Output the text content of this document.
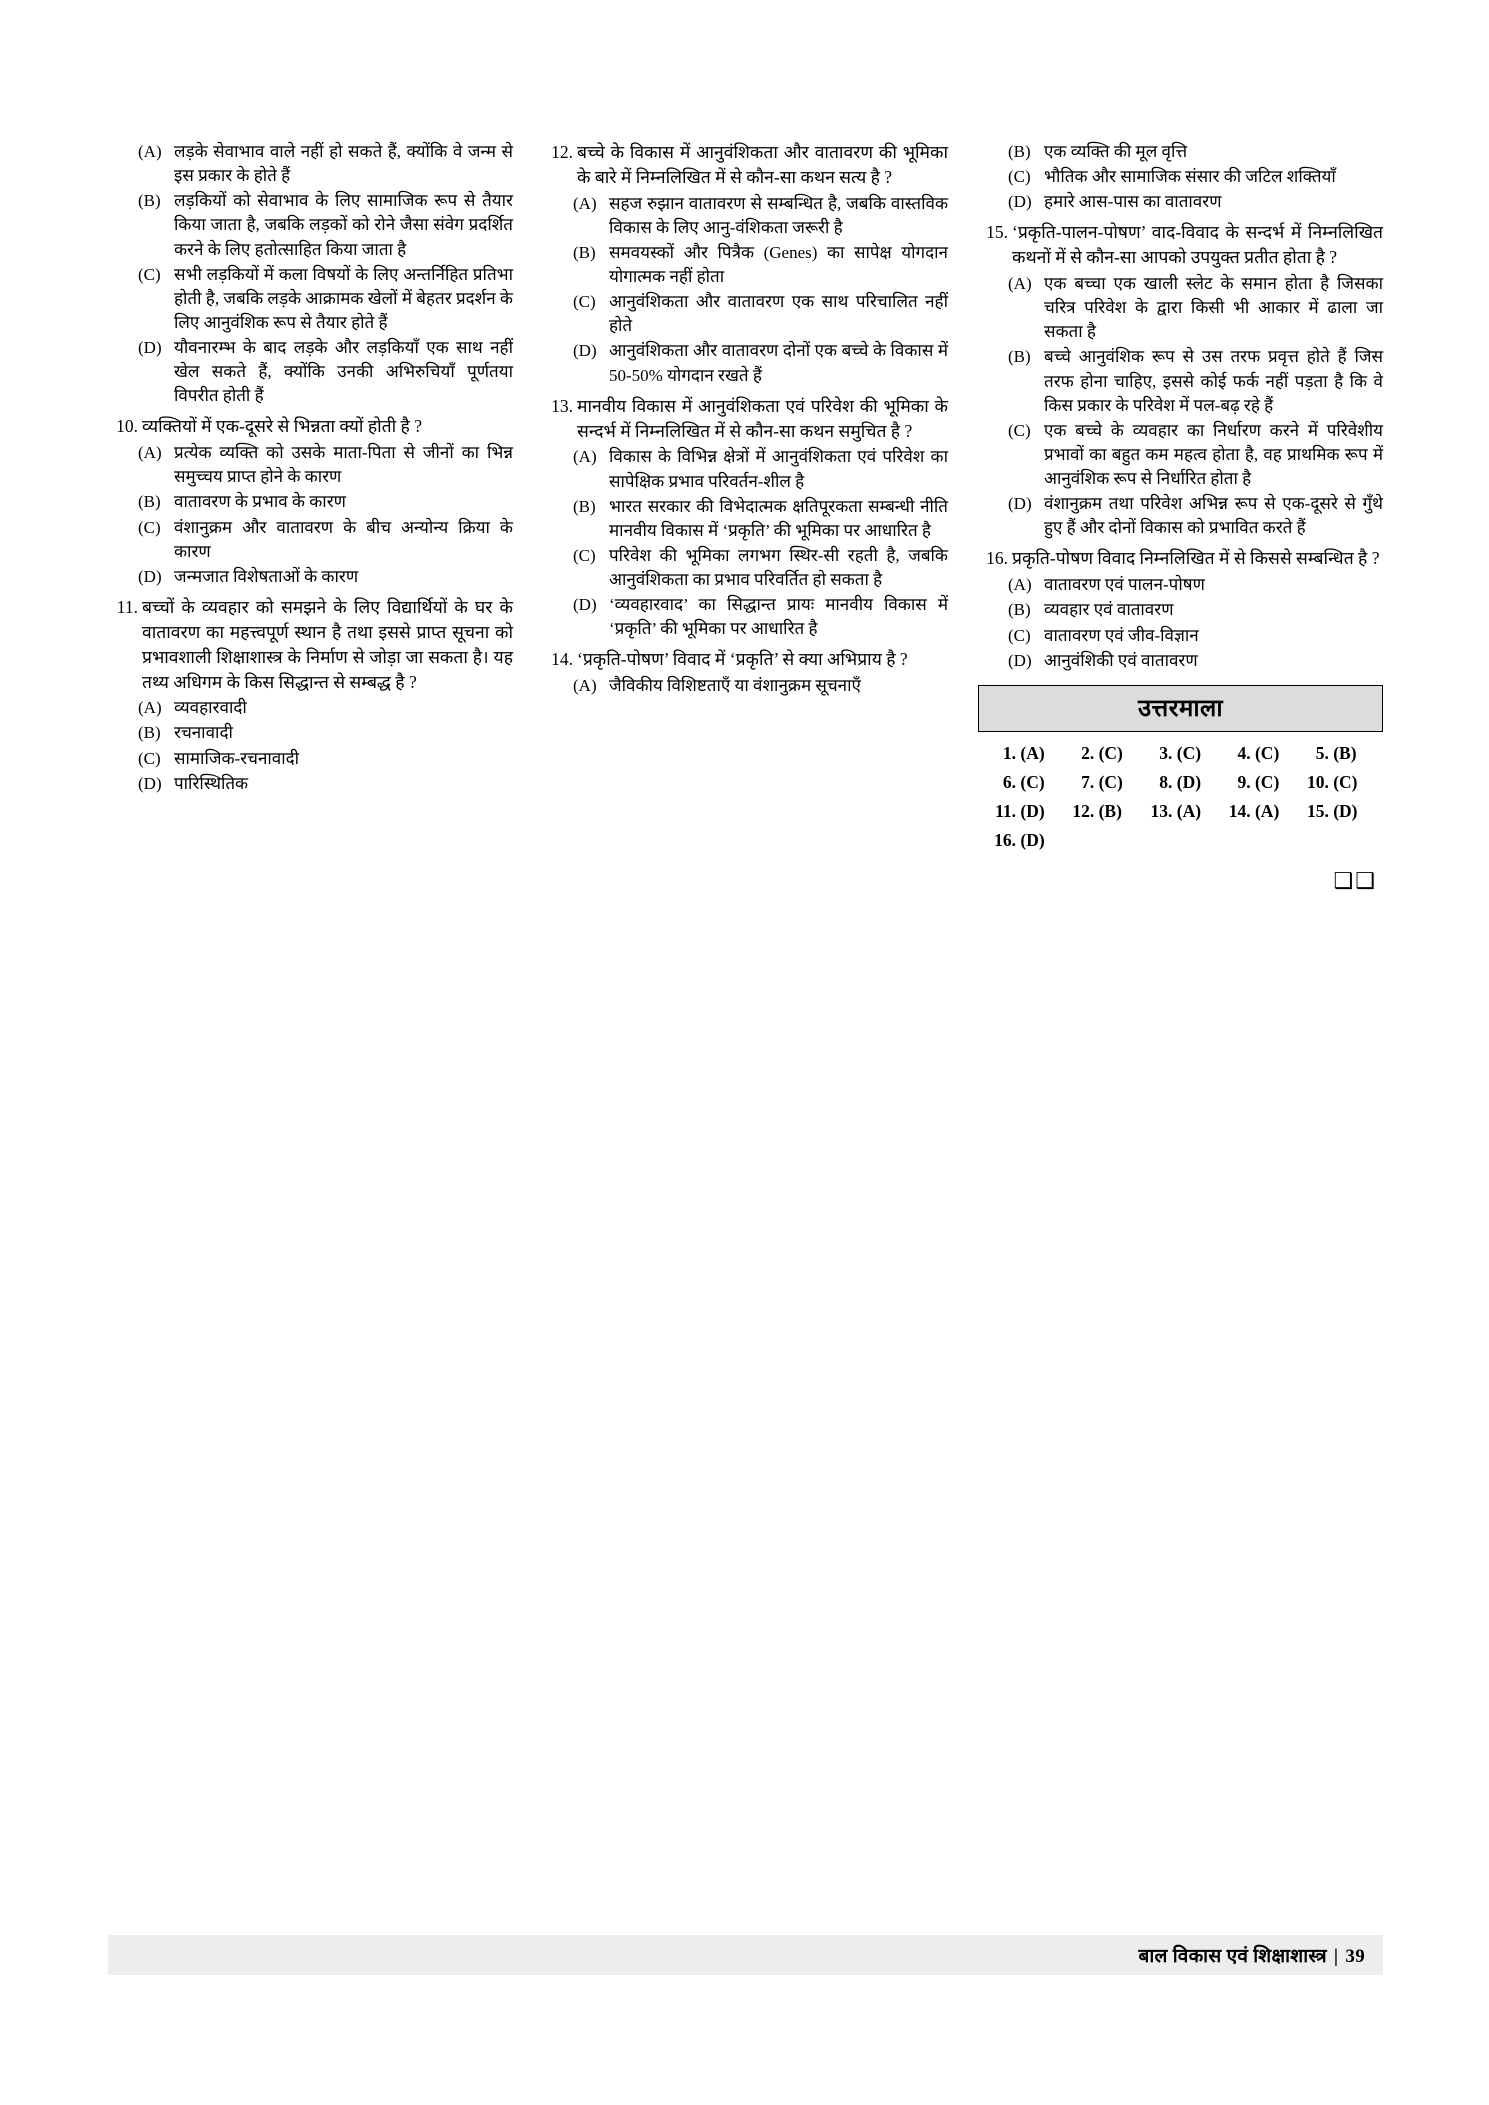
(A) लड़के सेवाभाव वाले नहीं हो सकते हैं, क्योंकि वे जन्म से इस प्रकार के होते हैं
(B) लड़कियों को सेवाभाव के लिए सामाजिक रूप से तैयार किया जाता है, जबकि लड़कों को रोने जैसा संवेग प्रदर्शित करने के लिए हतोत्साहित किया जाता है
(C) सभी लड़कियों में कला विषयों के लिए अन्तर्निहित प्रतिभा होती है, जबकि लड़के आक्रामक खेलों में बेहतर प्रदर्शन के लिए आनुवंशिक रूप से तैयार होते हैं
(D) यौवनारम्भ के बाद लड़के और लड़कियाँ एक साथ नहीं खेल सकते हैं, क्योंकि उनकी अभिरुचियाँ पूर्णतया विपरीत होती हैं
10. व्यक्तियों में एक-दूसरे से भिन्नता क्यों होती है ?
(A) प्रत्येक व्यक्ति को उसके माता-पिता से जीनों का भिन्न समुच्चय प्राप्त होने के कारण
(B) वातावरण के प्रभाव के कारण
(C) वंशानुक्रम और वातावरण के बीच अन्योन्य क्रिया के कारण
(D) जन्मजात विशेषताओं के कारण
11. बच्चों के व्यवहार को समझने के लिए विद्यार्थियों के घर के वातावरण का महत्त्वपूर्ण स्थान है तथा इससे प्राप्त सूचना को प्रभावशाली शिक्षाशास्त्र के निर्माण से जोड़ा जा सकता है। यह तथ्य अधिगम के किस सिद्धान्त से सम्बद्ध है ?
(A) व्यवहारवादी
(B) रचनावादी
(C) सामाजिक-रचनावादी
(D) पारिस्थितिक
12. बच्चे के विकास में आनुवंशिकता और वातावरण की भूमिका के बारे में निम्नलिखित में से कौन-सा कथन सत्य है ?
(A) सहज रुझान वातावरण से सम्बन्धित है, जबकि वास्तविक विकास के लिए आनु-वंशिकता जरूरी है
(B) समवयस्कों और पित्रैक (Genes) का सापेक्ष योगदान योगात्मक नहीं होता
(C) आनुवंशिकता और वातावरण एक साथ परिचालित नहीं होते
(D) आनुवंशिकता और वातावरण दोनों एक बच्चे के विकास में 50-50% योगदान रखते हैं
13. मानवीय विकास में आनुवंशिकता एवं परिवेश की भूमिका के सन्दर्भ में निम्नलिखित में से कौन-सा कथन समुचित है ?
(A) विकास के विभिन्न क्षेत्रों में आनुवंशिकता एवं परिवेश का सापेक्षिक प्रभाव परिवर्तन-शील है
(B) भारत सरकार की विभेदात्मक क्षतिपूरकता सम्बन्धी नीति मानवीय विकास में ‘प्रकृति’ की भूमिका पर आधारित है
(C) परिवेश की भूमिका लगभग स्थिर-सी रहती है, जबकि आनुवंशिकता का प्रभाव परिवर्तित हो सकता है
(D) ‘व्यवहारवाद’ का सिद्धान्त प्रायः मानवीय विकास में ‘प्रकृति’ की भूमिका पर आधारित है
14. ‘प्रकृति-पोषण’ विवाद में ‘प्रकृति’ से क्या अभिप्राय है ?
(A) जैविकीय विशिष्टताएँ या वंशानुक्रम सूचनाएँ
(B) एक व्यक्ति की मूल वृत्ति
(C) भौतिक और सामाजिक संसार की जटिल शक्तियाँ
(D) हमारे आस-पास का वातावरण
15. ‘प्रकृति-पालन-पोषण’ वाद-विवाद के सन्दर्भ में निम्नलिखित कथनों में से कौन-सा आपको उपयुक्त प्रतीत होता है ?
(A) एक बच्चा एक खाली स्लेट के समान होता है जिसका चरित्र परिवेश के द्वारा किसी भी आकार में ढाला जा सकता है
(B) बच्चे आनुवंशिक रूप से उस तरफ प्रवृत्त होते हैं जिस तरफ होना चाहिए, इससे कोई फर्क नहीं पड़ता है कि वे किस प्रकार के परिवेश में पल-बढ़ रहे हैं
(C) एक बच्चे के व्यवहार का निर्धारण करने में परिवेशीय प्रभावों का बहुत कम महत्व होता है, वह प्राथमिक रूप में आनुवंशिक रूप से निर्धारित होता है
(D) वंशानुक्रम तथा परिवेश अभिन्न रूप से एक-दूसरे से गुँथे हुए हैं और दोनों विकास को प्रभावित करते हैं
16. प्रकृति-पोषण विवाद निम्नलिखित में से किससे सम्बन्धित है ?
(A) वातावरण एवं पालन-पोषण
(B) व्यवहार एवं वातावरण
(C) वातावरण एवं जीव-विज्ञान
(D) आनुवंशिकी एवं वातावरण
उत्तरमाला
1. (A)	2. (C)	3. (C)	4. (C)	5. (B)
6. (C)	7. (C)	8. (D)	9. (C)	10. (C)
11. (D)	12. (B)	13. (A)	14. (A)	15. (D)
16. (D)
❑❑
बाल विकास एवं शिक्षाशास्त्र | 39
